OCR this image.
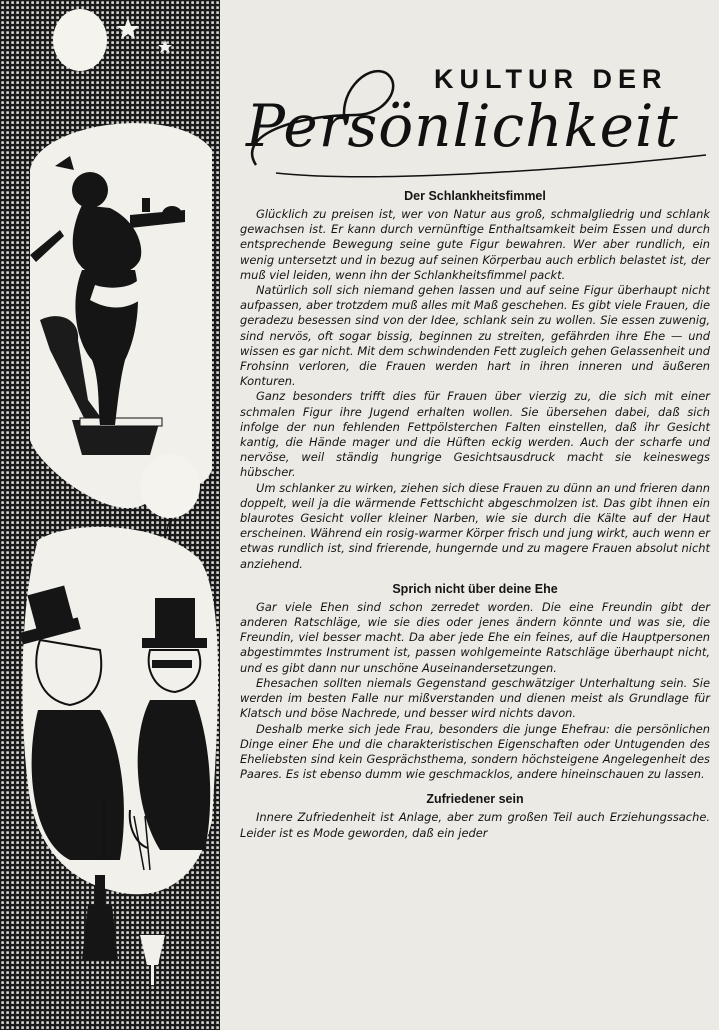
KULTUR DER
Persönlichkeit
Der Schlankheitsfimmel

Glücklich zu preisen ist, wer von Natur aus groß, schmalgliedrig und schlank gewachsen ist. Er kann durch vernünftige Enthaltsamkeit beim Essen und durch entsprechende Bewegung seine gute Figur bewahren. Wer aber rundlich, ein wenig untersetzt und in bezug auf seinen Körperbau auch erblich belastet ist, der muß viel leiden, wenn ihn der Schlankheitsfimmel packt.

Natürlich soll sich niemand gehen lassen und auf seine Figur überhaupt nicht aufpassen, aber trotzdem muß alles mit Maß geschehen. Es gibt viele Frauen, die geradezu besessen sind von der Idee, schlank sein zu wollen. Sie essen zuwenig, sind nervös, oft sogar bissig, beginnen zu streiten, gefährden ihre Ehe — und wissen es gar nicht. Mit dem schwindenden Fett zugleich gehen Gelassenheit und Frohsinn verloren, die Frauen werden hart in ihren inneren und äußeren Konturen.

Ganz besonders trifft dies für Frauen über vierzig zu, die sich mit einer schmalen Figur ihre Jugend erhalten wollen. Sie übersehen dabei, daß sich infolge der nun fehlenden Fettpölsterchen Falten einstellen, daß ihr Gesicht kantig, die Hände mager und die Hüften eckig werden. Auch der scharfe und nervöse, weil ständig hungrige Gesichtsausdruck macht sie keineswegs hübscher.

Um schlanker zu wirken, ziehen sich diese Frauen zu dünn an und frieren dann doppelt, weil ja die wärmende Fettschicht abgeschmolzen ist. Das gibt ihnen ein blaurotes Gesicht voller kleiner Narben, wie sie durch die Kälte auf der Haut erscheinen. Während ein rosig-warmer Körper frisch und jung wirkt, auch wenn er etwas rundlich ist, sind frierende, hungernde und zu magere Frauen absolut nicht anziehend.

Sprich nicht über deine Ehe

Gar viele Ehen sind schon zerredet worden. Die eine Freundin gibt der anderen Ratschläge, wie sie dies oder jenes ändern könnte und was sie, die Freundin, viel besser macht. Da aber jede Ehe ein feines, auf die Hauptpersonen abgestimmtes Instrument ist, passen wohlgemeinte Ratschläge überhaupt nicht, und es gibt dann nur unschöne Auseinandersetzungen.

Ehesachen sollten niemals Gegenstand geschwätziger Unterhaltung sein. Sie werden im besten Falle nur mißverstanden und dienen meist als Grundlage für Klatsch und böse Nachrede, und besser wird nichts davon.

Deshalb merke sich jede Frau, besonders die junge Ehefrau: die persönlichen Dinge einer Ehe und die charakteristischen Eigenschaften oder Untugenden des Eheliebsten sind kein Gesprächsthema, sondern höchsteigene Angelegenheit des Paares. Es ist ebenso dumm wie geschmacklos, andere hineinschauen zu lassen.

Zufriedener sein

Innere Zufriedenheit ist Anlage, aber zum großen Teil auch Erziehungssache. Leider ist es Mode geworden, daß ein jeder
